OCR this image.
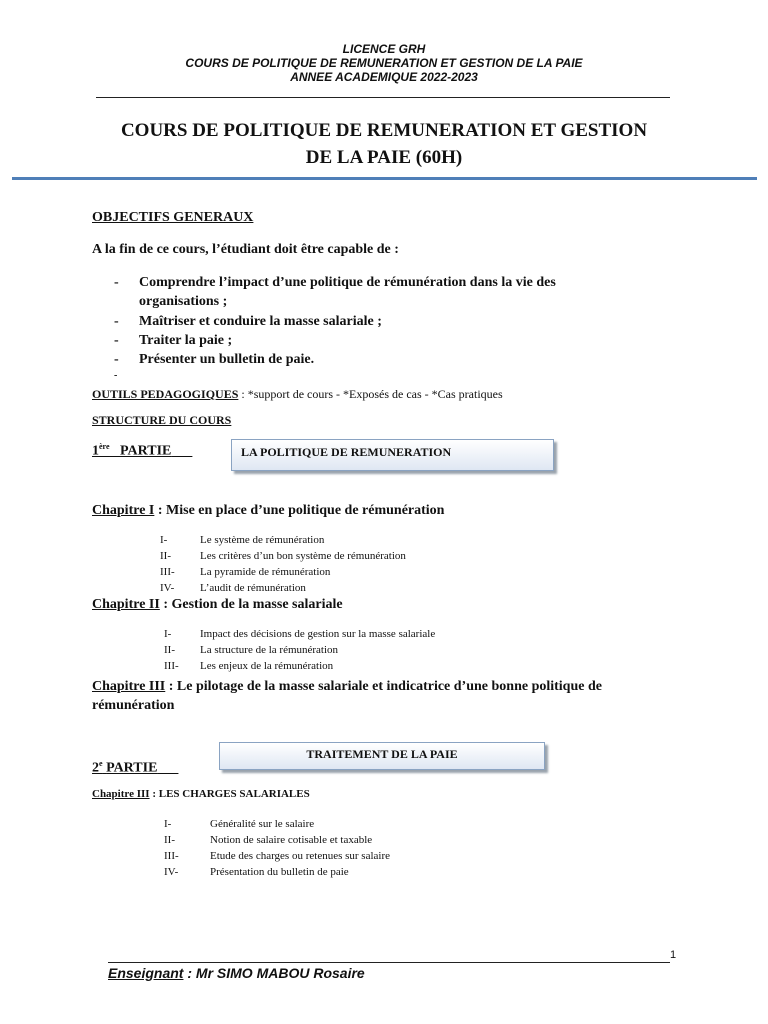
LICENCE GRH
COURS DE POLITIQUE DE REMUNERATION ET GESTION DE LA PAIE
ANNEE ACADEMIQUE 2022-2023
COURS DE POLITIQUE DE REMUNERATION ET GESTION
DE LA PAIE (60H)
OBJECTIFS GENERAUX
A la fin de ce cours, l’étudiant doit être capable de :
- Comprendre l’impact d’une politique de rémunération dans la vie des organisations ;
- Maîtriser et conduire la masse salariale ;
- Traiter la paie ;
- Présenter un bulletin de paie.
-
OUTILS PEDAGOGIQUES : *support de cours - *Exposés de cas - *Cas pratiques
STRUCTURE DU COURS
1ère PARTIE	LA POLITIQUE DE REMUNERATION
Chapitre I : Mise en place d’une politique de rémunération
I-	Le système de rémunération
II-	Les critères d’un bon système de rémunération
III-	La pyramide de rémunération
IV-	L’audit de rémunération
Chapitre II : Gestion de la masse salariale
I-	Impact des décisions de gestion sur la masse salariale
II-	La structure de la rémunération
III-	Les enjeux de la rémunération
Chapitre III : Le pilotage de la masse salariale et indicatrice d’une bonne politique de
rémunération
TRAITEMENT DE LA PAIE
2e PARTIE
Chapitre III : LES CHARGES SALARIALES
I-	Généralité sur le salaire
II-	Notion de salaire cotisable et taxable
III-	Etude des charges ou retenues sur salaire
IV-	Présentation du bulletin de paie
1
Enseignant : Mr SIMO MABOU Rosaire
